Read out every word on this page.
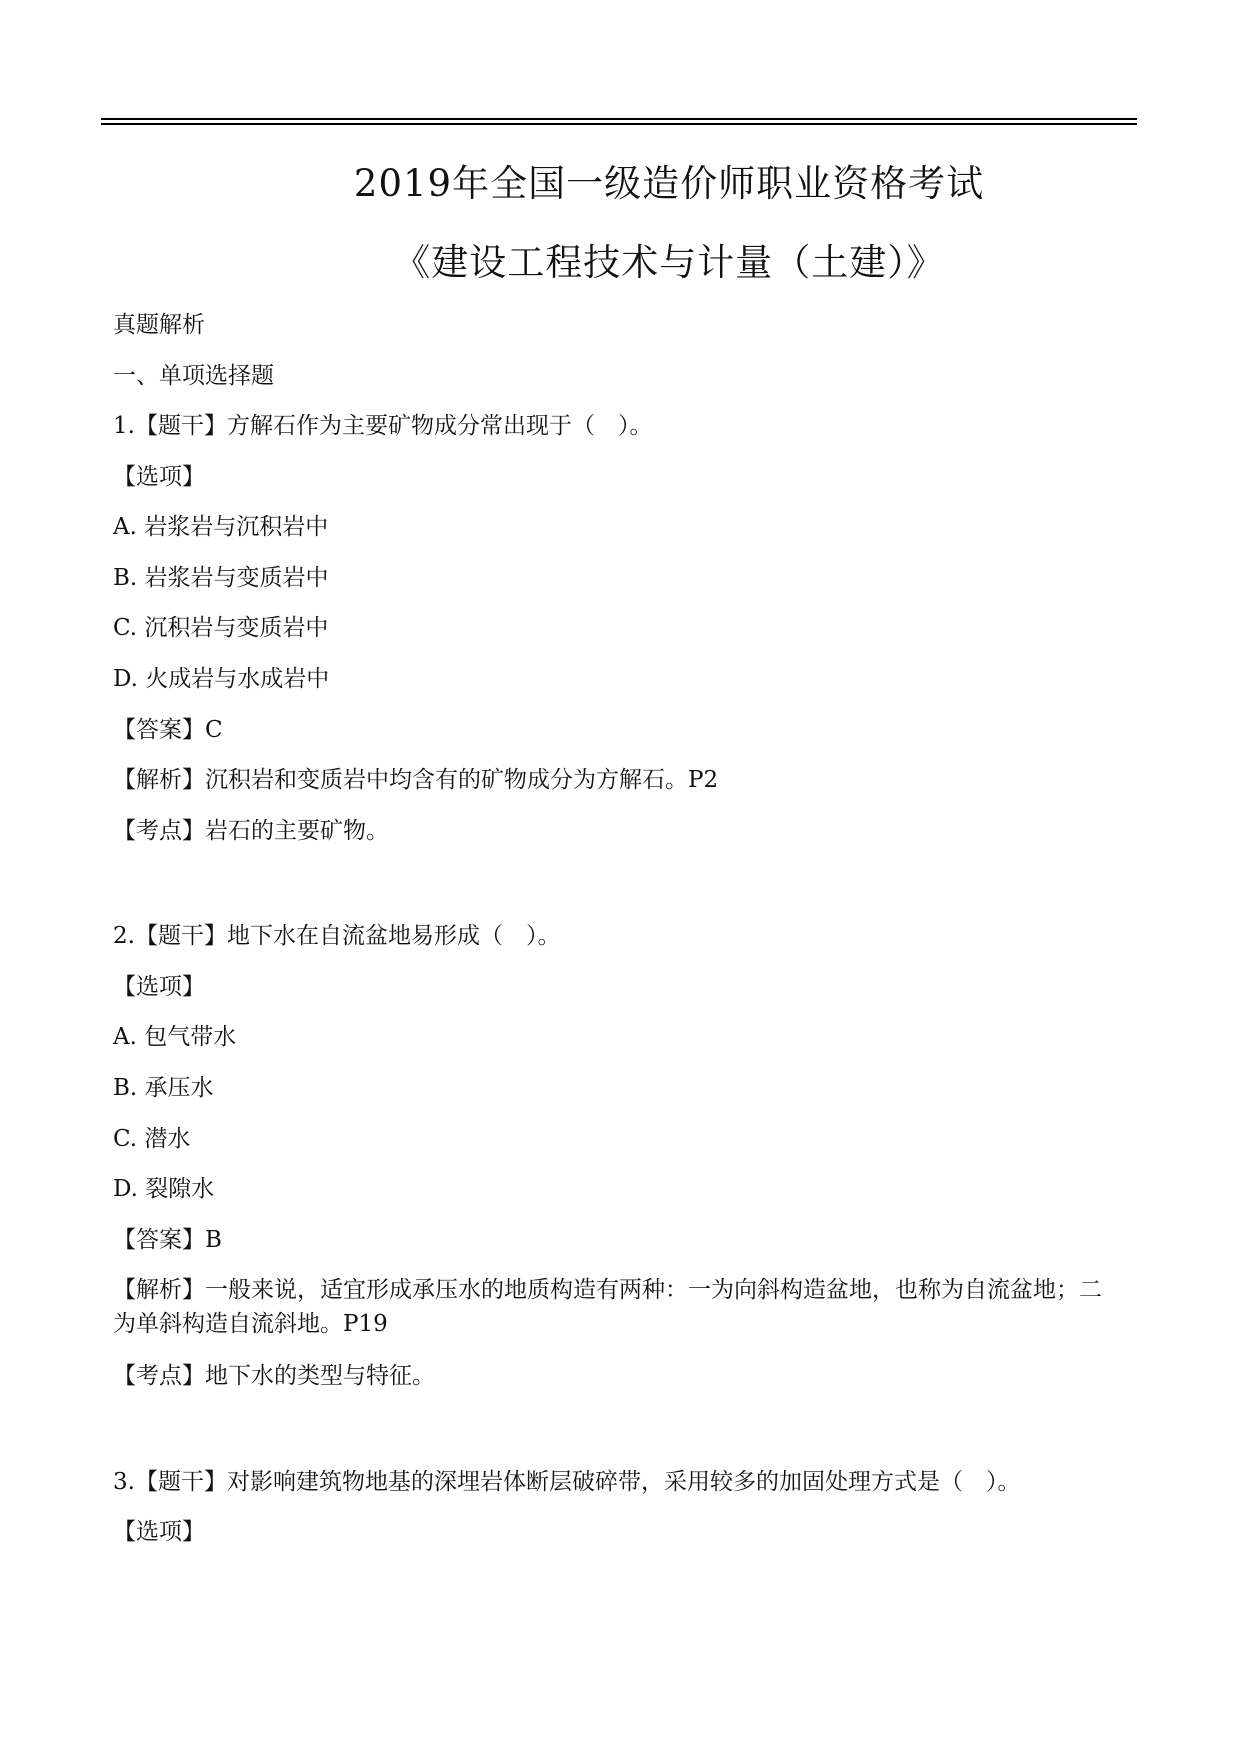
2019年全国一级造价师职业资格考试
《建设工程技术与计量（土建）》
真题解析
一、单项选择题
1.【题干】方解石作为主要矿物成分常出现于（　）。
【选项】
A. 岩浆岩与沉积岩中
B. 岩浆岩与变质岩中
C. 沉积岩与变质岩中
D. 火成岩与水成岩中
【答案】C
【解析】沉积岩和变质岩中均含有的矿物成分为方解石。P2
【考点】岩石的主要矿物。
2.【题干】地下水在自流盆地易形成（　）。
【选项】
A. 包气带水
B. 承压水
C. 潜水
D. 裂隙水
【答案】B
【解析】一般来说，适宜形成承压水的地质构造有两种：一为向斜构造盆地，也称为自流盆地；二为单斜构造自流斜地。P19
【考点】地下水的类型与特征。
3.【题干】对影响建筑物地基的深埋岩体断层破碎带，采用较多的加固处理方式是（　）。
【选项】
